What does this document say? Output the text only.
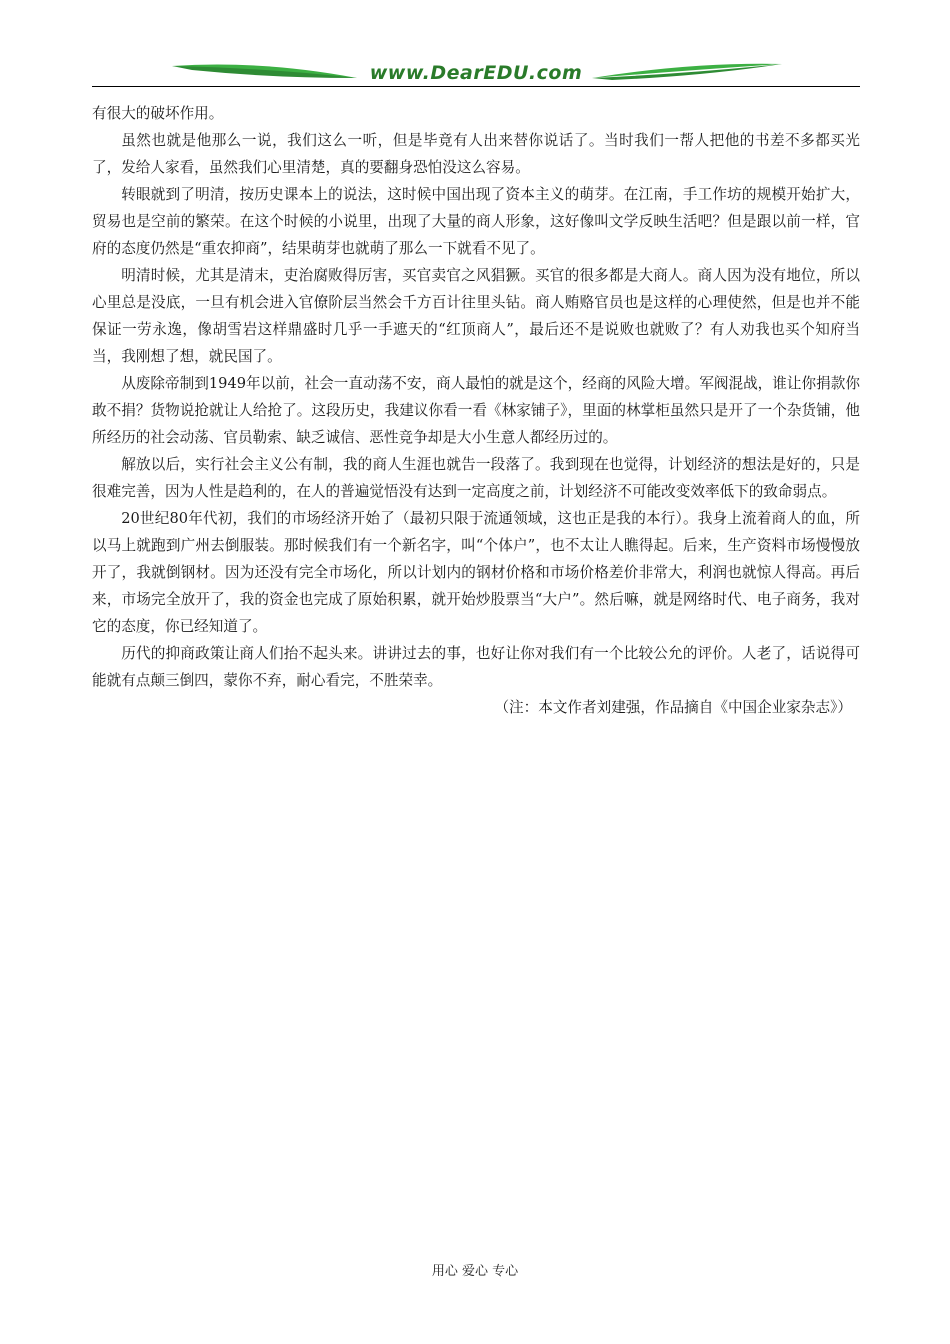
www.DearEDU.com

有很大的破坏作用。

虽然也就是他那么一说，我们这么一听，但是毕竟有人出来替你说话了。当时我们一帮人把他的书差不多都买光了，发给人家看，虽然我们心里清楚，真的要翻身恐怕没这么容易。

转眼就到了明清，按历史课本上的说法，这时候中国出现了资本主义的萌芽。在江南，手工作坊的规模开始扩大，贸易也是空前的繁荣。在这个时候的小说里，出现了大量的商人形象，这好像叫文学反映生活吧？但是跟以前一样，官府的态度仍然是“重农抑商”，结果萌芽也就萌了那么一下就看不见了。

明清时候，尤其是清末，吏治腐败得厉害，买官卖官之风猖獗。买官的很多都是大商人。商人因为没有地位，所以心里总是没底，一旦有机会进入官僚阶层当然会千方百计往里头钻。商人贿赂官员也是这样的心理使然，但是也并不能保证一劳永逸，像胡雪岩这样鼎盛时几乎一手遮天的“红顶商人”，最后还不是说败也就败了？有人劝我也买个知府当当，我刚想了想，就民国了。

从废除帝制到1949年以前，社会一直动荡不安，商人最怕的就是这个，经商的风险大增。军阀混战，谁让你捐款你敢不捐？货物说抢就让人给抢了。这段历史，我建议你看一看《林家铺子》，里面的林掌柜虽然只是开了一个杂货铺，他所经历的社会动荡、官员勒索、缺乏诚信、恶性竞争却是大小生意人都经历过的。

解放以后，实行社会主义公有制，我的商人生涯也就告一段落了。我到现在也觉得，计划经济的想法是好的，只是很难完善，因为人性是趋利的，在人的普遍觉悟没有达到一定高度之前，计划经济不可能改变效率低下的致命弱点。

20世纪80年代初，我们的市场经济开始了（最初只限于流通领域，这也正是我的本行）。我身上流着商人的血，所以马上就跑到广州去倒服装。那时候我们有一个新名字，叫“个体户”，也不太让人瞧得起。后来，生产资料市场慢慢放开了，我就倒钢材。因为还没有完全市场化，所以计划内的钢材价格和市场价格差价非常大，利润也就惊人得高。再后来，市场完全放开了，我的资金也完成了原始积累，就开始炒股票当“大户”。然后嘛，就是网络时代、电子商务，我对它的态度，你已经知道了。

历代的抑商政策让商人们抬不起头来。讲讲过去的事，也好让你对我们有一个比较公允的评价。人老了，话说得可能就有点颠三倒四，蒙你不弃，耐心看完，不胜荣幸。

（注：本文作者刘建强，作品摘自《中国企业家杂志》）

用心 爱心 专心
